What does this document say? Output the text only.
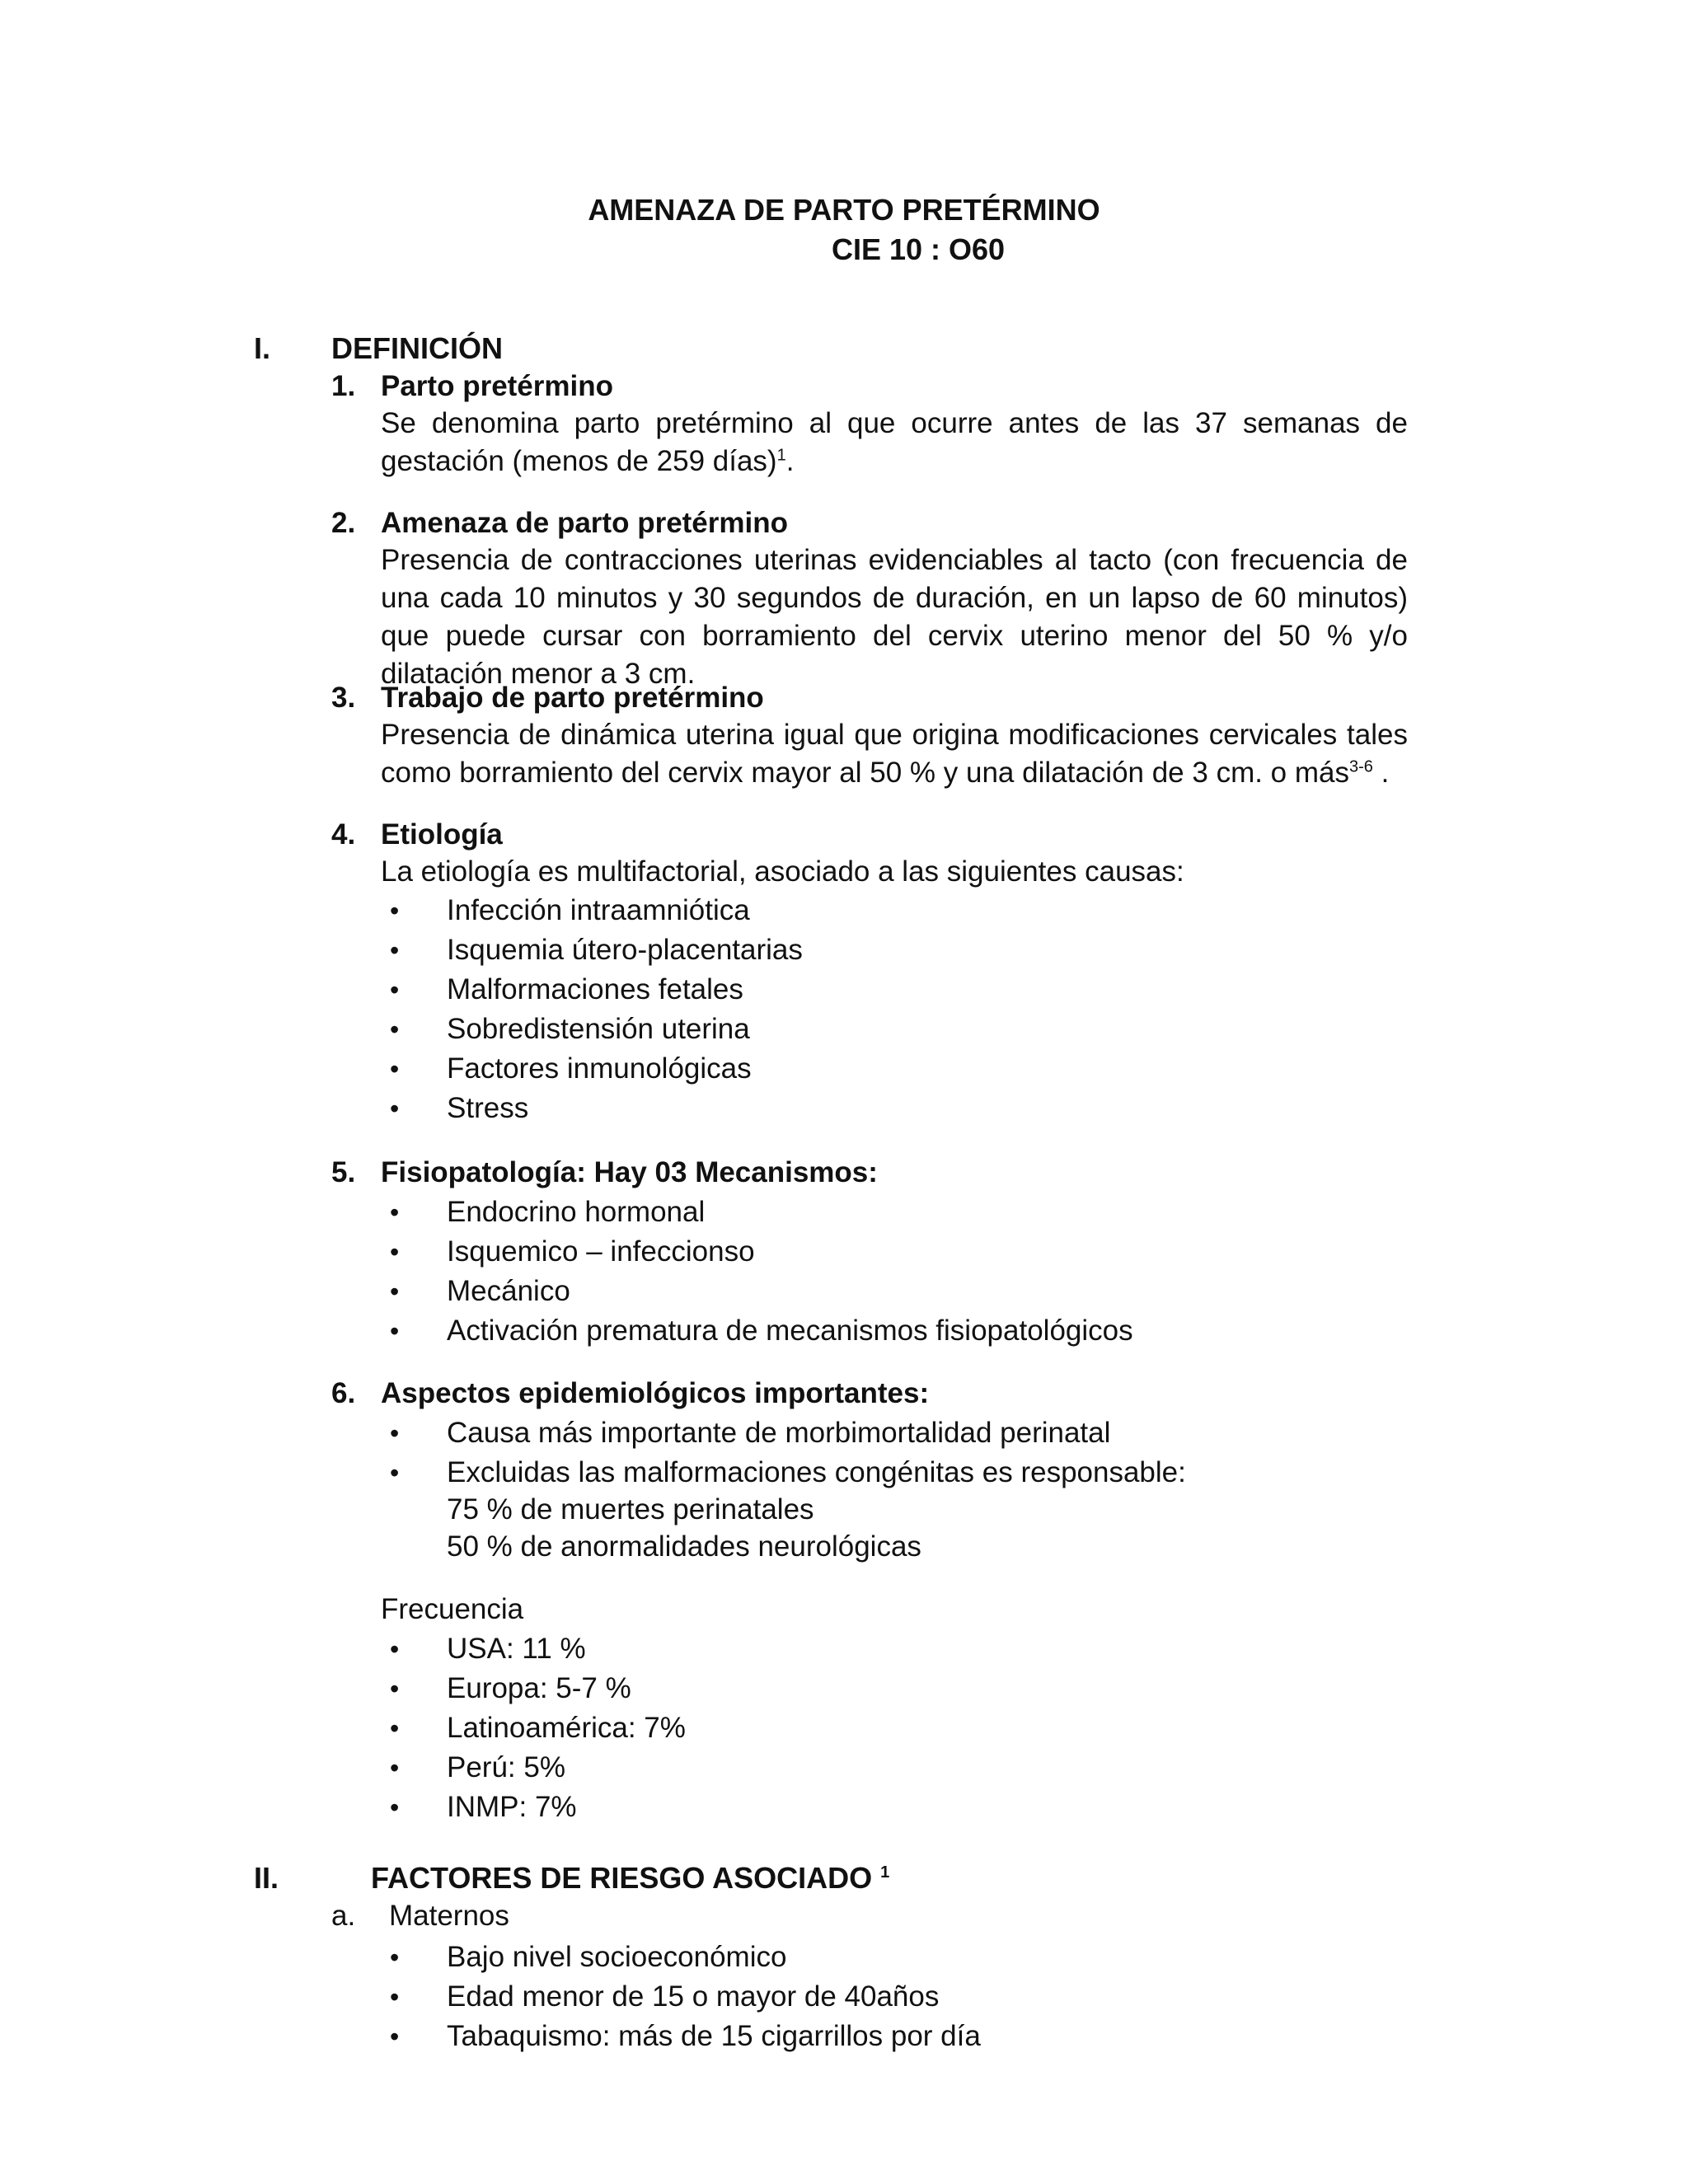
AMENAZA DE PARTO PRETÉRMINO
CIE 10 : O60
I. DEFINICIÓN
1. Parto pretérmino
Se denomina parto pretérmino al que ocurre antes de las 37 semanas de gestación (menos de 259 días)$^1$.
2. Amenaza de parto pretérmino
Presencia de contracciones uterinas evidenciables al tacto (con frecuencia de una cada 10 minutos y 30 segundos de duración, en un lapso de 60 minutos) que puede cursar con borramiento del cervix uterino menor del 50 % y/o dilatación menor a 3 cm.
3. Trabajo de parto pretérmino
Presencia de dinámica uterina igual que origina modificaciones cervicales tales como borramiento del cervix mayor al 50 % y una dilatación de 3 cm. o más$^{3-6}$ .
4. Etiología
La etiología es multifactorial, asociado a las siguientes causas:
• Infección intraamniótica
• Isquemia útero-placentarias
• Malformaciones fetales
• Sobredistensión uterina
• Factores inmunológicas
• Stress
5. Fisiopatología: Hay 03 Mecanismos:
• Endocrino hormonal
• Isquemico – infeccionso
• Mecánico
• Activación prematura de mecanismos fisiopatológicos
6. Aspectos epidemiológicos importantes:
• Causa más importante de morbimortalidad perinatal
• Excluidas las malformaciones congénitas es responsable:
75 % de muertes perinatales
50 % de anormalidades neurológicas
Frecuencia
• USA: 11 %
• Europa: 5-7 %
• Latinoamérica: 7%
• Perú: 5%
• INMP: 7%
II.	FACTORES DE RIESGO ASOCIADO $^1$
a. Maternos
• Bajo nivel socioeconómico
• Edad menor de 15 o mayor de 40años
• Tabaquismo: más de 15 cigarrillos por día
